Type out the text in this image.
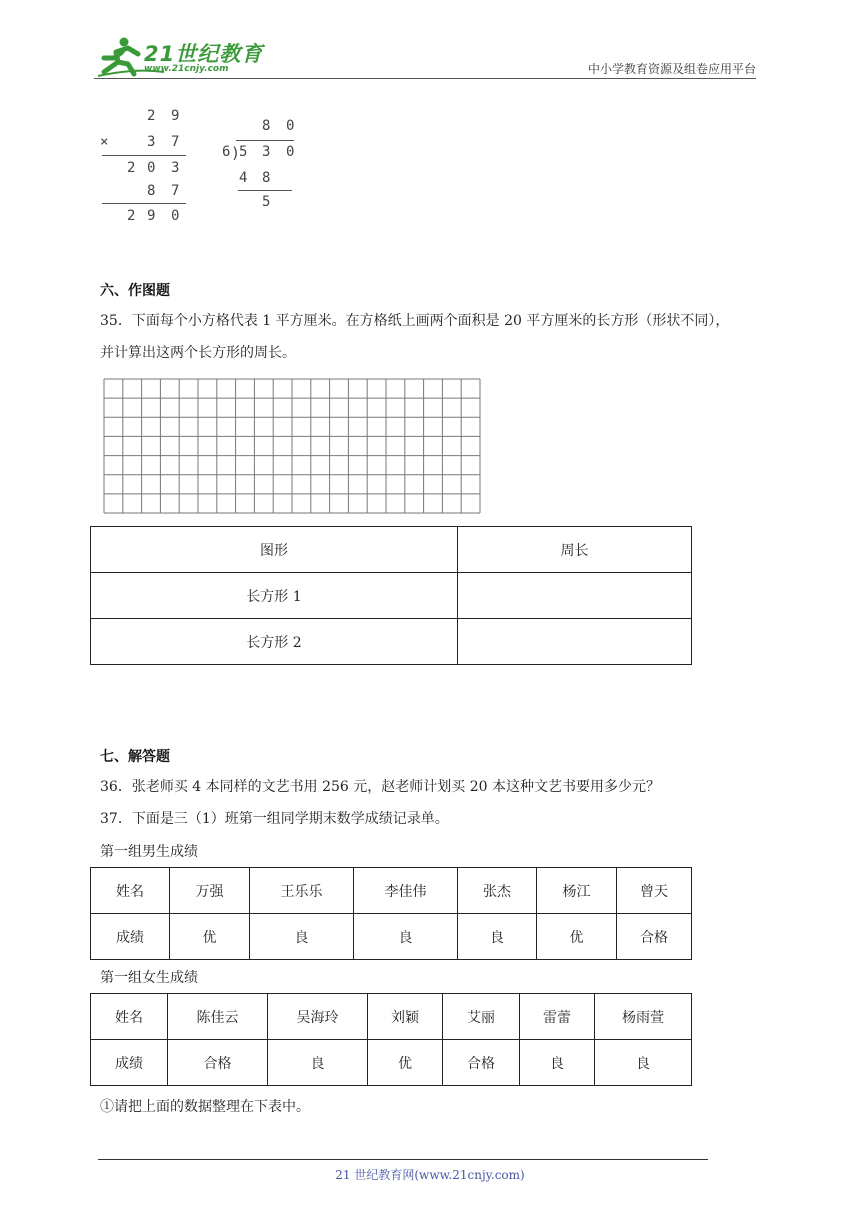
21世纪教育
www.21cnjy.com	中小学教育资源及组卷应用平台
2 9
×	3 7
2 0 3
8 7
2 9 0
8 0
6 )
5 3 0
4 8
5
六、作图题
35．下面每个小方格代表 1 平方厘米。在方格纸上画两个面积是 20 平方厘米的长方形（形状不同），
并计算出这两个长方形的周长。
图形	周长
长方形 1	
长方形 2	
七、解答题
36．张老师买 4 本同样的文艺书用 256 元，赵老师计划买 20 本这种文艺书要用多少元？
37．下面是三（1）班第一组同学期末数学成绩记录单。
第一组男生成绩
姓名	万强	王乐乐	李佳伟	张杰	杨江	曾天
成绩	优	良	良	良	优	合格
第一组女生成绩
姓名	陈佳云	吴海玲	刘颖	艾丽	雷蕾	杨雨萱
成绩	合格	良	优	合格	良	良
①请把上面的数据整理在下表中。
21 世纪教育网(www.21cnjy.com)
